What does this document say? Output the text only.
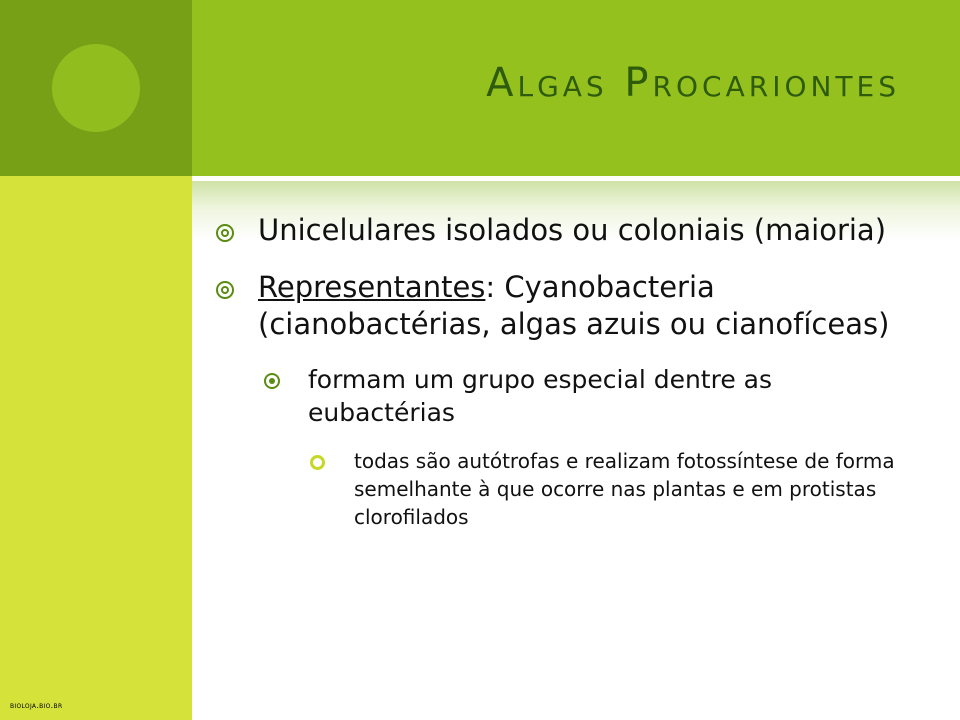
Algas Procariontes
Unicelulares isolados ou coloniais (maioria)
Representantes: Cyanobacteria (cianobactérias, algas azuis ou cianofíceas)
formam um grupo especial dentre as eubactérias
todas são autótrofas e realizam fotossíntese de forma semelhante à que ocorre nas plantas e em protistas clorofilados
bioloja.bio.br
